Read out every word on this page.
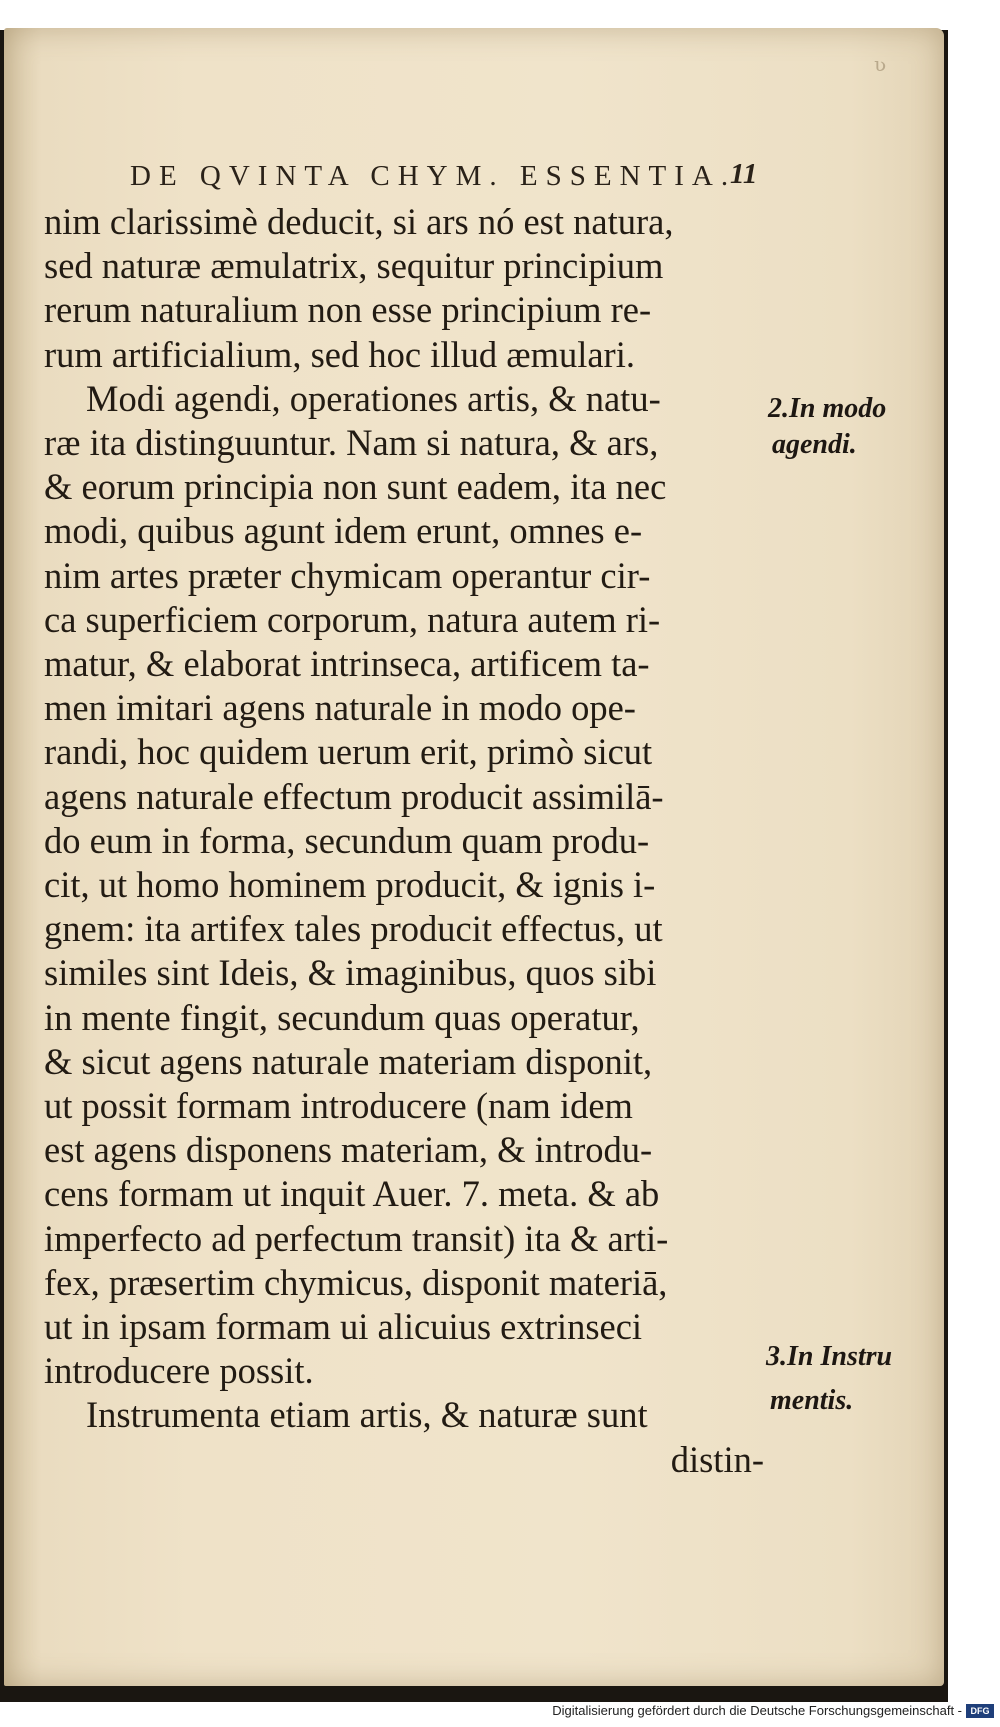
ʋ
DE QVINTA CHYM. ESSENTIA.
11
nim clarissimè deducit, si ars nó est natura,
sed naturæ æmulatrix, sequitur principium
rerum naturalium non esse principium re-
rum artificialium, sed hoc illud æmulari.
Modi agendi, operationes artis, & natu-
ræ ita distinguuntur. Nam si natura, & ars,
& eorum principia non sunt eadem, ita nec
modi, quibus agunt idem erunt, omnes e-
nim artes præter chymicam operantur cir-
ca superficiem corporum, natura autem ri-
matur, & elaborat intrinseca, artificem ta-
men imitari agens naturale in modo ope-
randi, hoc quidem uerum erit, primò sicut
agens naturale effectum producit assimilā-
do eum in forma, secundum quam produ-
cit, ut homo hominem producit, & ignis i-
gnem: ita artifex tales producit effectus, ut
similes sint Ideis, & imaginibus, quos sibi
in mente fingit, secundum quas operatur,
& sicut agens naturale materiam disponit,
ut possit formam introducere (nam idem
est agens disponens materiam, & introdu-
cens formam ut inquit Auer. 7. meta. & ab
imperfecto ad perfectum transit) ita & arti-
fex, præsertim chymicus, disponit materiā,
ut in ipsam formam ui alicuius extrinseci
introducere possit.
Instrumenta etiam artis, & naturæ sunt
distin-
2.In modo
agendi.
3.In Instru
mentis.
Digitalisierung gefördert durch die Deutsche Forschungsgemeinschaft - DFG
